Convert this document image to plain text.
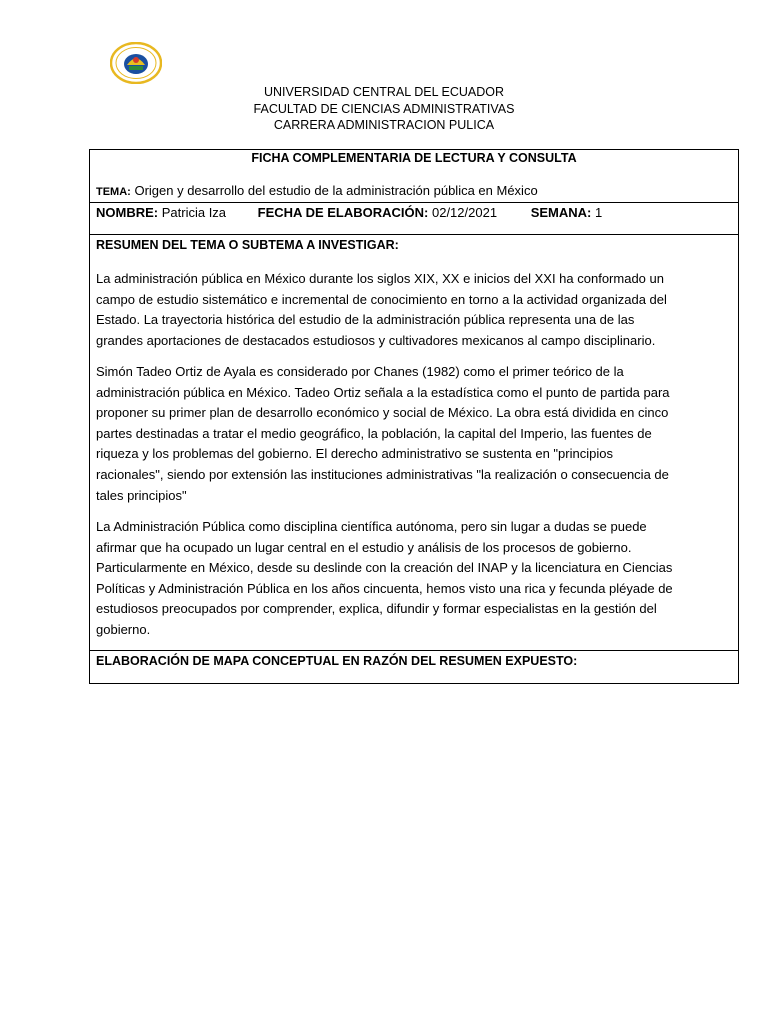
UNIVERSIDAD CENTRAL DEL ECUADOR
FACULTAD DE CIENCIAS ADMINISTRATIVAS
CARRERA ADMINISTRACION PULICA
FICHA COMPLEMENTARIA DE LECTURA Y CONSULTA
TEMA: Origen y desarrollo del estudio de la administración pública en México
NOMBRE: Patricia Iza FECHA DE ELABORACIÓN: 02/12/2021	SEMANA: 1
RESUMEN DEL TEMA O SUBTEMA A INVESTIGAR:
La administración pública en México durante los siglos XIX, XX e inicios del XXI ha conformado un
campo de estudio sistemático e incremental de conocimiento en torno a la actividad organizada del
Estado. La trayectoria histórica del estudio de la administración pública representa una de las
grandes aportaciones de destacados estudiosos y cultivadores mexicanos al campo disciplinario.
Simón Tadeo Ortiz de Ayala es considerado por Chanes (1982) como el primer teórico de la
administración pública en México. Tadeo Ortiz señala a la estadística como el punto de partida para
proponer su primer plan de desarrollo económico y social de México. La obra está dividida en cinco
partes destinadas a tratar el medio geográfico, la población, la capital del Imperio, las fuentes de
riqueza y los problemas del gobierno. El derecho administrativo se sustenta en "principios
racionales", siendo por extensión las instituciones administrativas "la realización o consecuencia de
tales principios"
La Administración Pública como disciplina científica autónoma, pero sin lugar a dudas se puede
afirmar que ha ocupado un lugar central en el estudio y análisis de los procesos de gobierno.
Particularmente en México, desde su deslinde con la creación del INAP y la licenciatura en Ciencias
Políticas y Administración Pública en los años cincuenta, hemos visto una rica y fecunda pléyade de
estudiosos preocupados por comprender, explica, difundir y formar especialistas en la gestión del
gobierno.
ELABORACIÓN DE MAPA CONCEPTUAL EN RAZÓN DEL RESUMEN EXPUESTO:
